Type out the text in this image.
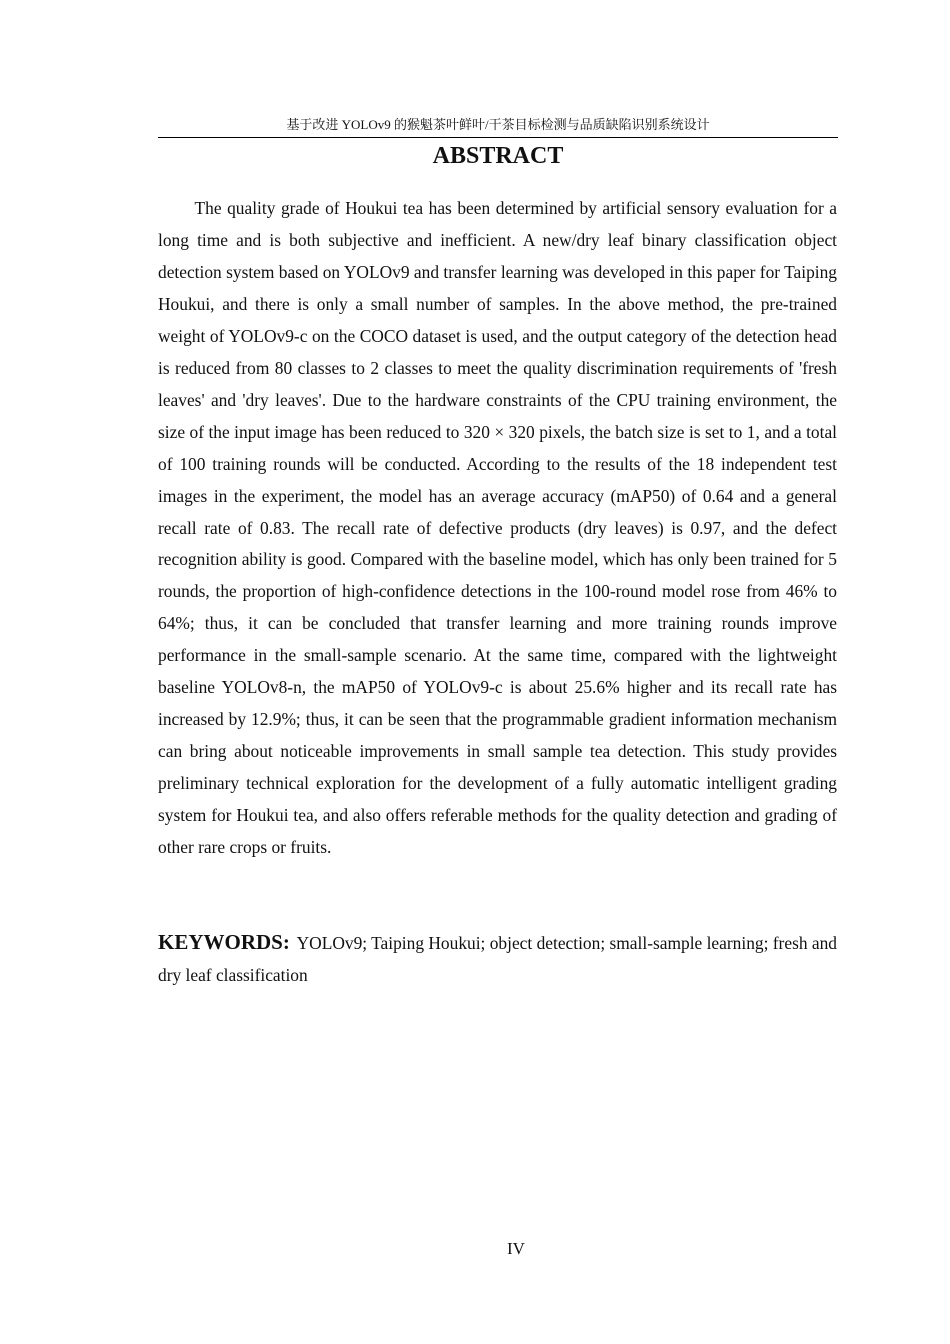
基于改进 YOLOv9 的猴魁茶叶鲜叶/干茶目标检测与品质缺陷识别系统设计
ABSTRACT

The quality grade of Houkui tea has been determined by artificial sensory evaluation for a long time and is both subjective and inefficient. A new/dry leaf binary classification object detection system based on YOLOv9 and transfer learning was developed in this paper for Taiping Houkui, and there is only a small number of samples. In the above method, the pre-trained weight of YOLOv9-c on the COCO dataset is used, and the output category of the detection head is reduced from 80 classes to 2 classes to meet the quality discrimination requirements of 'fresh leaves' and 'dry leaves'. Due to the hardware constraints of the CPU training environment, the size of the input image has been reduced to 320 × 320 pixels, the batch size is set to 1, and a total of 100 training rounds will be conducted. According to the results of the 18 independent test images in the experiment, the model has an average accuracy (mAP50) of 0.64 and a general recall rate of 0.83. The recall rate of defective products (dry leaves) is 0.97, and the defect recognition ability is good. Compared with the baseline model, which has only been trained for 5 rounds, the proportion of high-confidence detections in the 100-round model rose from 46% to 64%; thus, it can be concluded that transfer learning and more training rounds improve performance in the small-sample scenario. At the same time, compared with the lightweight baseline YOLOv8-n, the mAP50 of YOLOv9-c is about 25.6% higher and its recall rate has increased by 12.9%; thus, it can be seen that the programmable gradient information mechanism can bring about noticeable improvements in small sample tea detection. This study provides preliminary technical exploration for the development of a fully automatic intelligent grading system for Houkui tea, and also offers referable methods for the quality detection and grading of other rare crops or fruits.

KEYWORDS: YOLOv9; Taiping Houkui; object detection; small-sample learning; fresh and dry leaf classification

IV
